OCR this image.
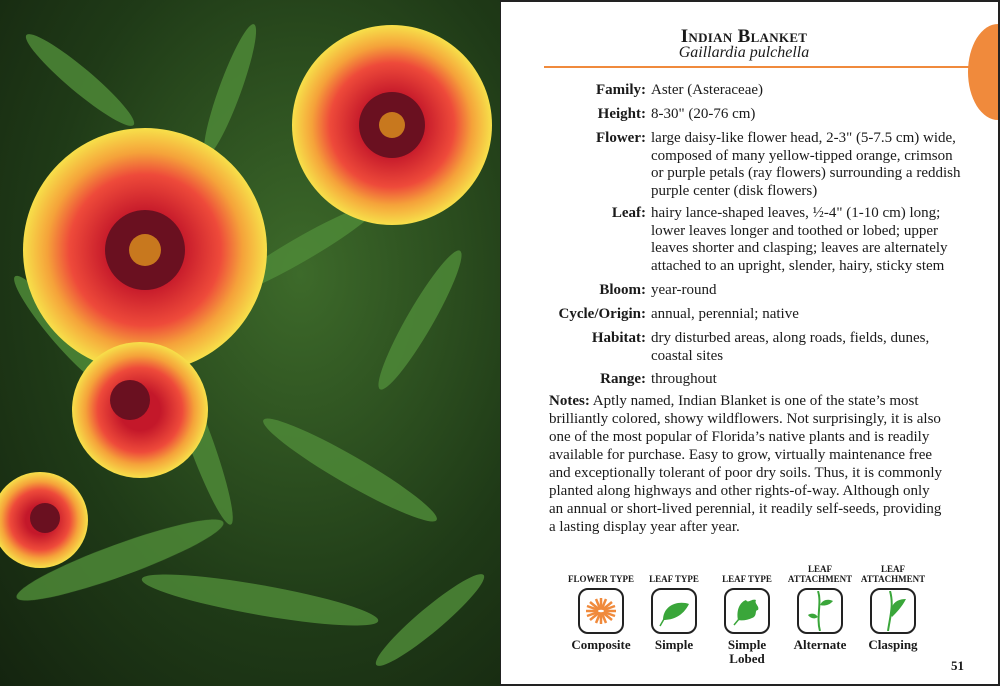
Indian Blanket
Gaillardia pulchella
Family: Aster (Asteraceae)
Height: 8-30" (20-76 cm)
Flower: large daisy-like flower head, 2-3" (5-7.5 cm) wide,
composed of many yellow-tipped orange, crimson
or purple petals (ray flowers) surrounding a reddish
purple center (disk flowers)
Leaf: hairy lance-shaped leaves, ½-4" (1-10 cm) long;
lower leaves longer and toothed or lobed; upper
leaves shorter and clasping; leaves are alternately
attached to an upright, slender, hairy, sticky stem
Bloom: year-round
Cycle/Origin: annual, perennial; native
Habitat: dry disturbed areas, along roads, fields, dunes,
coastal sites
Range: throughout
Notes: Aptly named, Indian Blanket is one of the state’s most
brilliantly colored, showy wildflowers. Not surprisingly, it is also
one of the most popular of Florida’s native plants and is readily
available for purchase. Easy to grow, virtually maintenance free
and exceptionally tolerant of poor dry soils. Thus, it is commonly
planted along highways and other rights-of-way. Although only
an annual or short-lived perennial, it readily self-seeds, providing
a lasting display year after year.
FLOWER TYPE
Composite
LEAF TYPE
Simple
LEAF TYPE
Simple Lobed
LEAF ATTACHMENT
Alternate
LEAF ATTACHMENT
Clasping
51
